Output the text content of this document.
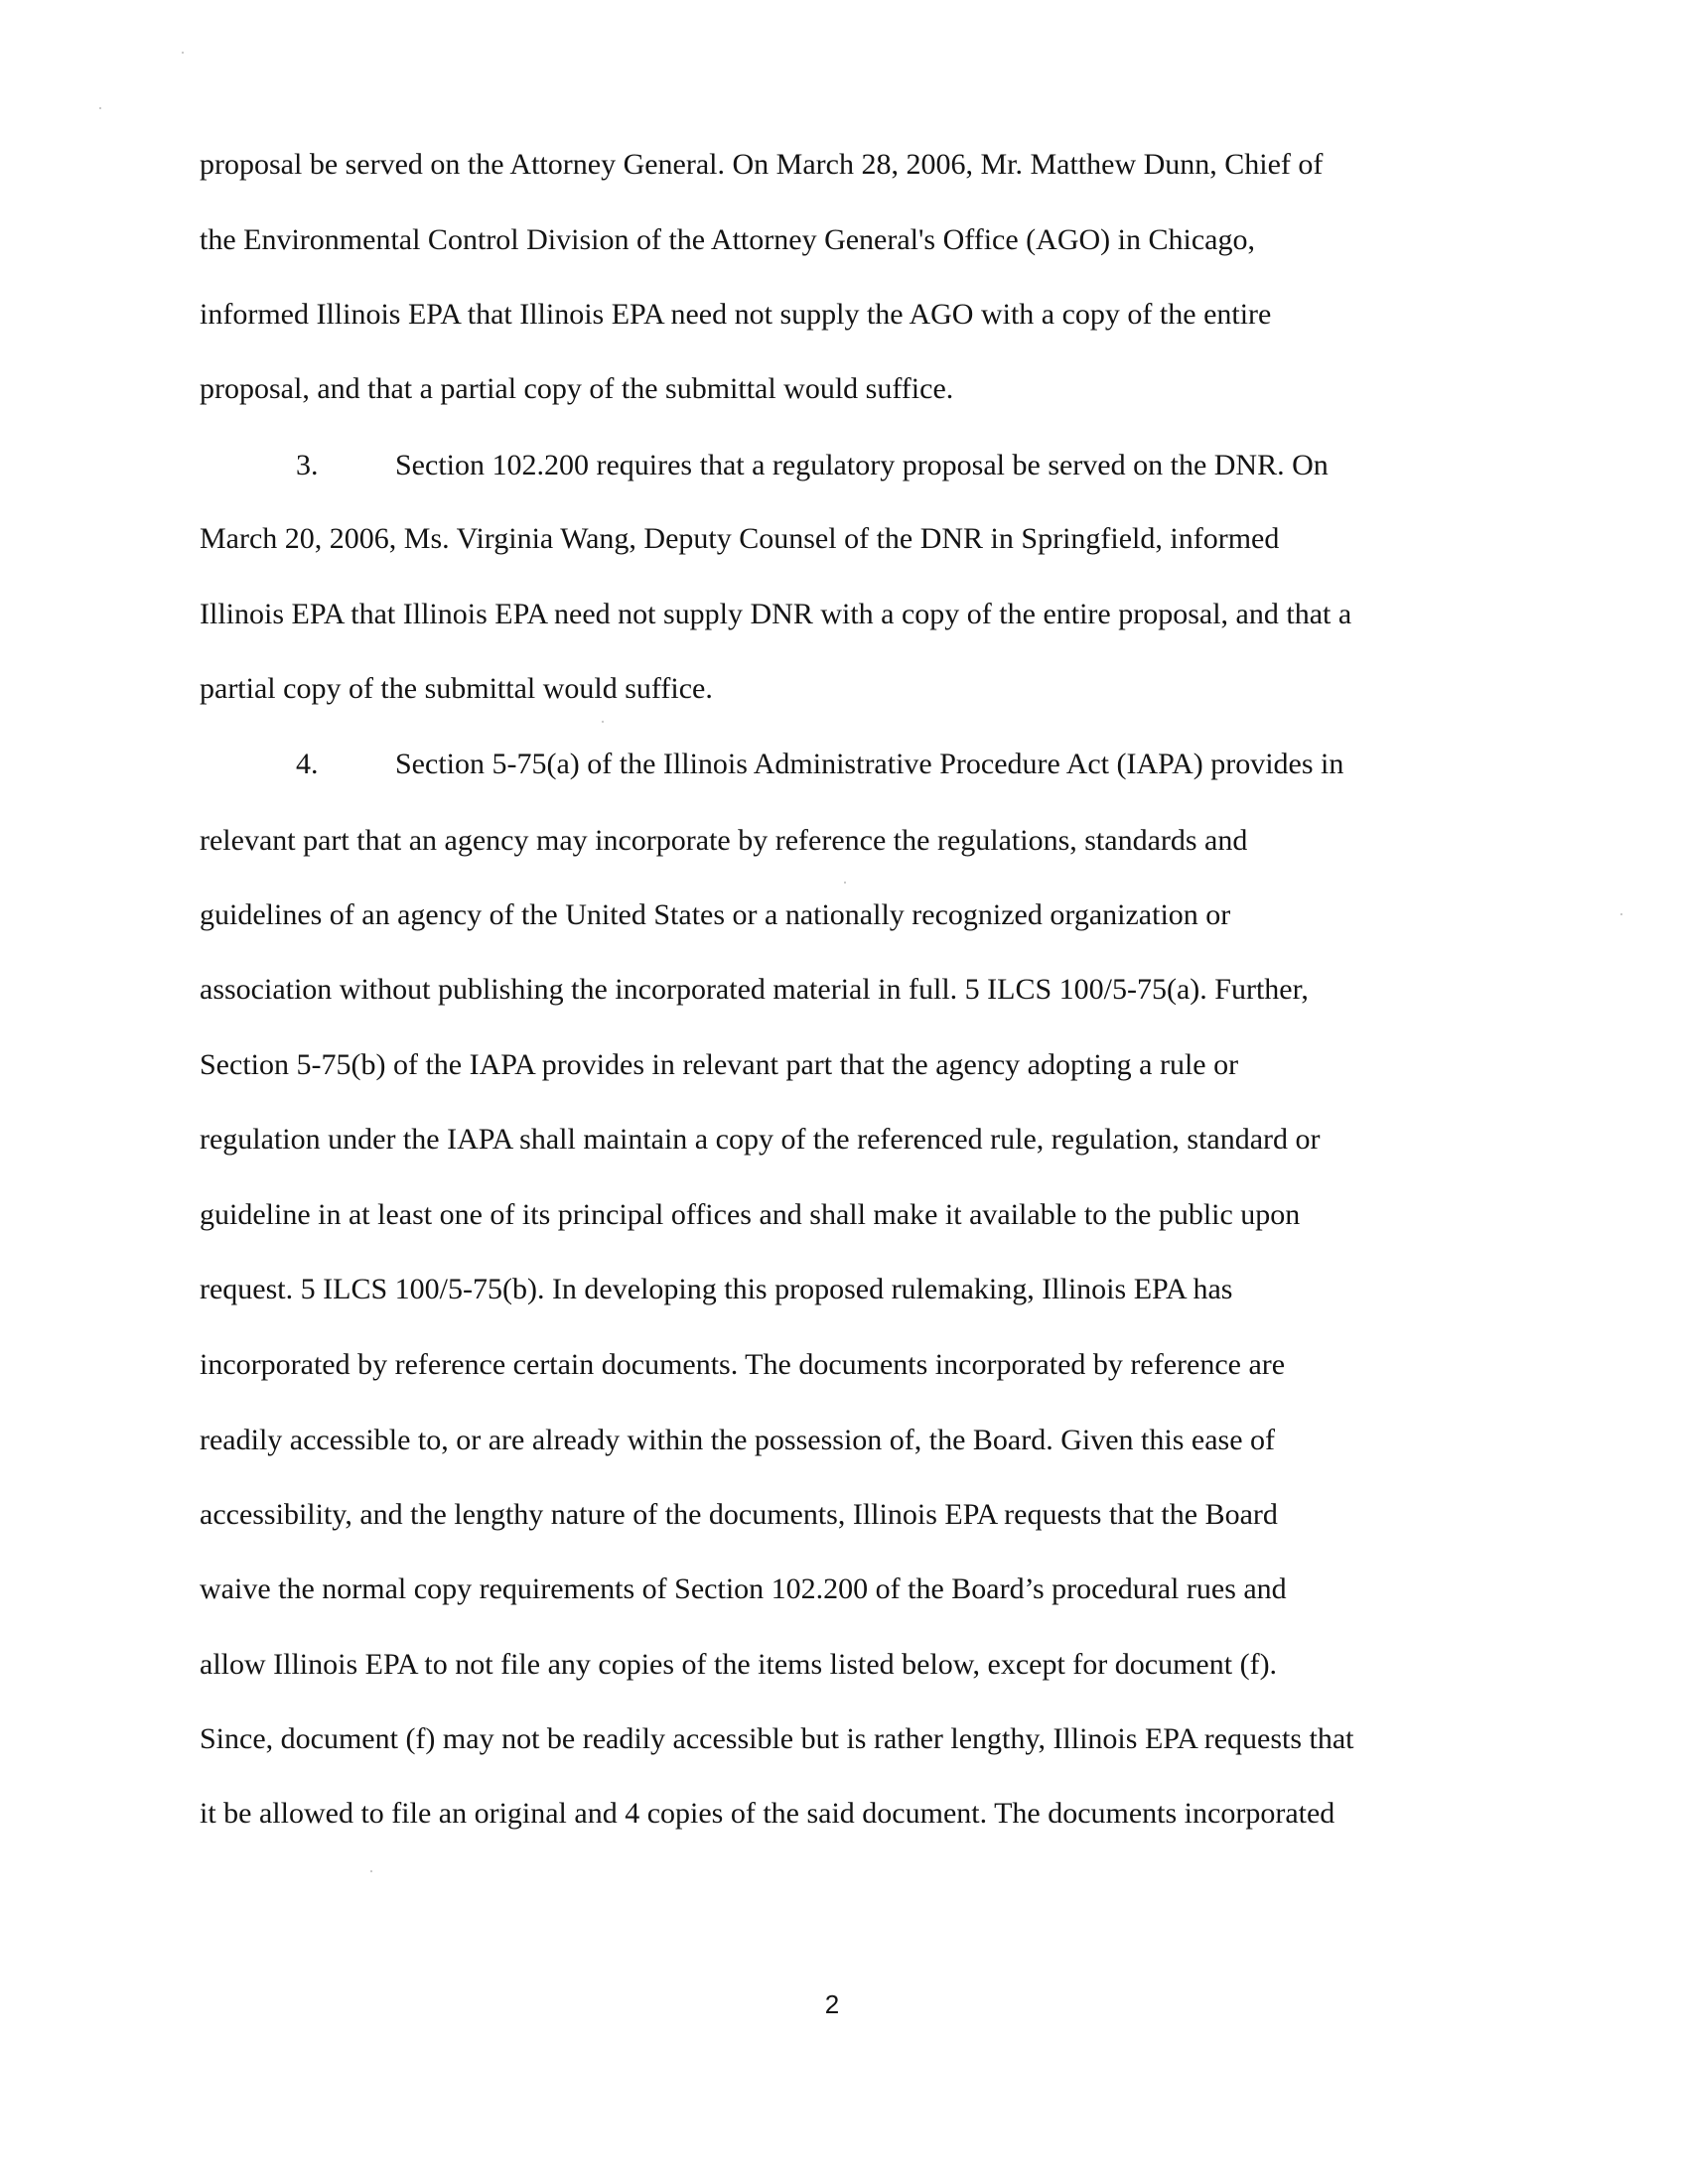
proposal be served on the Attorney General. On March 28, 2006, Mr. Matthew Dunn, Chief of
the Environmental Control Division of the Attorney General's Office (AGO) in Chicago,
informed Illinois EPA that Illinois EPA need not supply the AGO with a copy of the entire
proposal, and that a partial copy of the submittal would suffice.
3.	Section 102.200 requires that a regulatory proposal be served on the DNR. On
March 20, 2006, Ms. Virginia Wang, Deputy Counsel of the DNR in Springfield, informed
Illinois EPA that Illinois EPA need not supply DNR with a copy of the entire proposal, and that a
partial copy of the submittal would suffice.
4.	Section 5-75(a) of the Illinois Administrative Procedure Act (IAPA) provides in
relevant part that an agency may incorporate by reference the regulations, standards and
guidelines of an agency of the United States or a nationally recognized organization or
association without publishing the incorporated material in full. 5 ILCS 100/5-75(a). Further,
Section 5-75(b) of the IAPA provides in relevant part that the agency adopting a rule or
regulation under the IAPA shall maintain a copy of the referenced rule, regulation, standard or
guideline in at least one of its principal offices and shall make it available to the public upon
request. 5 ILCS 100/5-75(b). In developing this proposed rulemaking, Illinois EPA has
incorporated by reference certain documents. The documents incorporated by reference are
readily accessible to, or are already within the possession of, the Board. Given this ease of
accessibility, and the lengthy nature of the documents, Illinois EPA requests that the Board
waive the normal copy requirements of Section 102.200 of the Board’s procedural rues and
allow Illinois EPA to not file any copies of the items listed below, except for document (f).
Since, document (f) may not be readily accessible but is rather lengthy, Illinois EPA requests that
it be allowed to file an original and 4 copies of the said document. The documents incorporated
2
